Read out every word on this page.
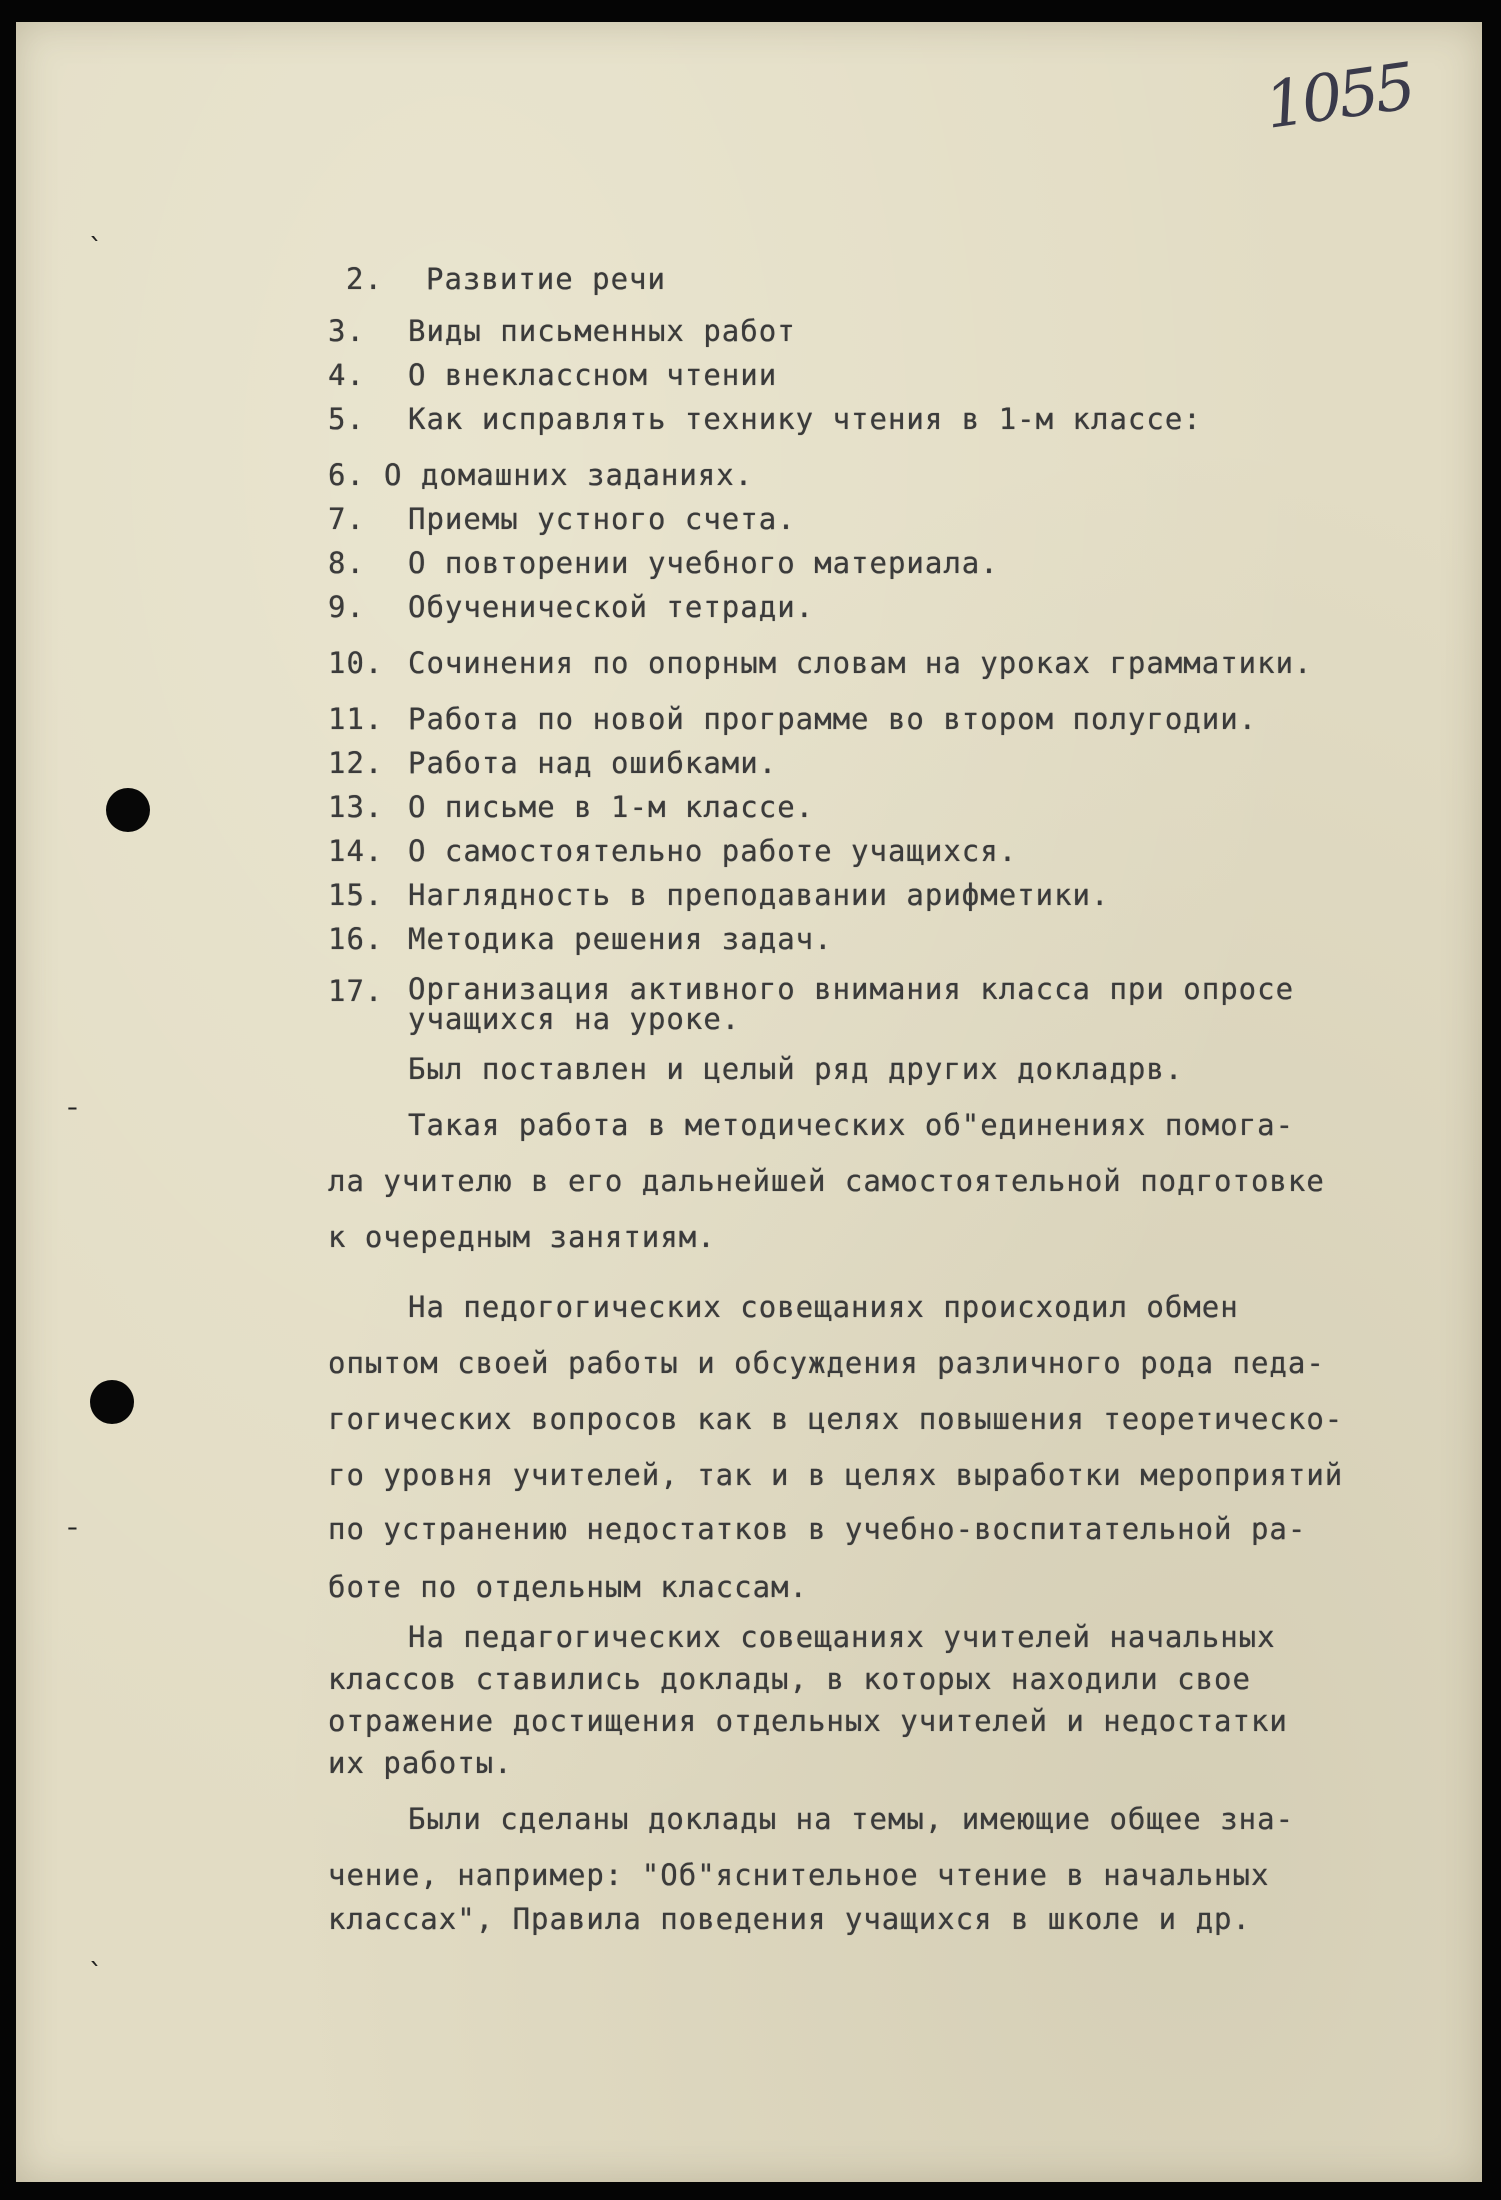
1055
ˎ
ˉ
ˉ
ˎ
2.	Развитие речи
3.	Виды письменных работ
4.	О внеклассном чтении
5.	Как исправлять технику чтения в 1-м классе:
6. О домашних заданиях.
7.	Приемы устного счета.
8.	О повторении учебного материала.
9.	Обученической тетради.
10. Сочинения по опорным словам на уроках грамматики.
11. Работа по новой программе во втором полугодии.
12. Работа над ошибками.
13. О письме в 1-м классе.
14. О самостоятельно работе учащихся.
15. Наглядность в преподавании арифметики.
16. Методика решения задач.
17. Организация активного внимания класса при опросе учащихся на уроке.

Был поставлен и целый ряд других докладрв.

Такая работа в методических об"единениях помога-

ла учителю в его дальнейшей самостоятельной подготовке

к очередным занятиям.

На педогогических совещаниях происходил обмен

опытом своей работы и обсуждения различного рода педа-

гогических вопросов как в целях повышения теоретическо-

го уровня учителей, так и в целях выработки мероприятий

по устранению недостатков в учебно-воспитательной ра-

боте по отдельным классам.

На педагогических совещаниях учителей начальных

классов ставились доклады, в которых находили свое

отражение достищения отдельных учителей и недостатки

их работы.

Были сделаны доклады на темы, имеющие общее зна-

чение, например: "Об"яснительное чтение в начальных

классах", Правила поведения учащихся в школе и др.
